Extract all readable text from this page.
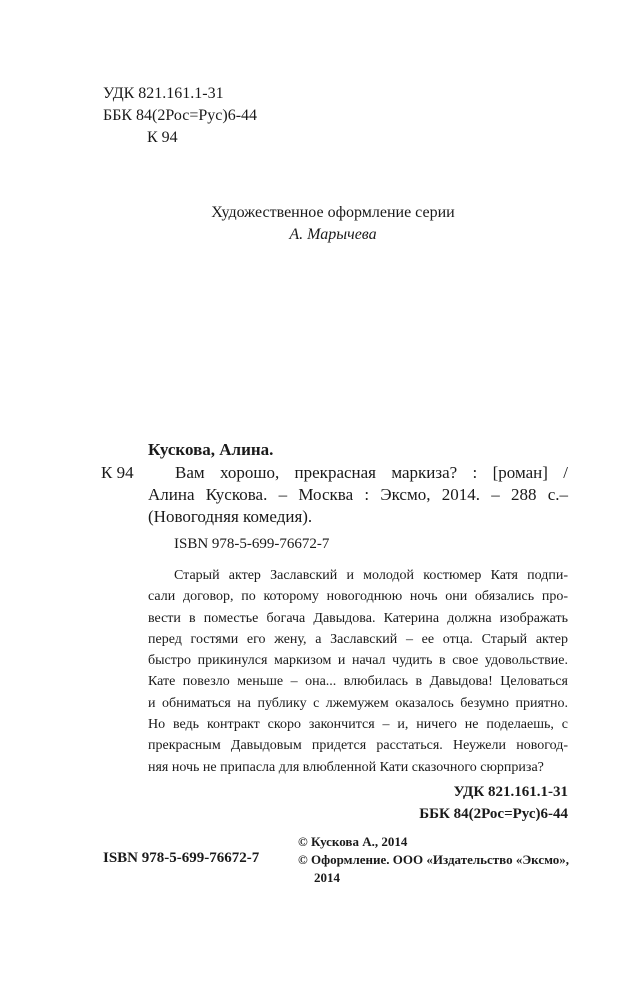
УДК 821.161.1-31
ББК 84(2Рос=Рус)6-44
К 94
Художественное оформление серии
А. Марычева
Кускова, Алина.
К 94 Вам хорошо, прекрасная маркиза? : [роман] /
Алина Кускова. – Москва : Эксмо, 2014. – 288 с.–
(Новогодняя комедия).
ISBN 978-5-699-76672-7
Старый актер Заславский и молодой костюмер Катя подпи-
сали договор, по которому новогоднюю ночь они обязались про-
вести в поместье богача Давыдова. Катерина должна изображать
перед гостями его жену, а Заславский – ее отца. Старый актер
быстро прикинулся маркизом и начал чудить в свое удовольствие.
Кате повезло меньше – она... влюбилась в Давыдова! Целоваться
и обниматься на публику с лжемужем оказалось безумно приятно.
Но ведь контракт скоро закончится – и, ничего не поделаешь, с
прекрасным Давыдовым придется расстаться. Неужели новогод-
няя ночь не припасла для влюбленной Кати сказочного сюрприза?
УДК 821.161.1-31
ББК 84(2Рос=Рус)6-44
© Кускова А., 2014
© Оформление. ООО «Издательство «Эксмо»,
2014
ISBN 978-5-699-76672-7
